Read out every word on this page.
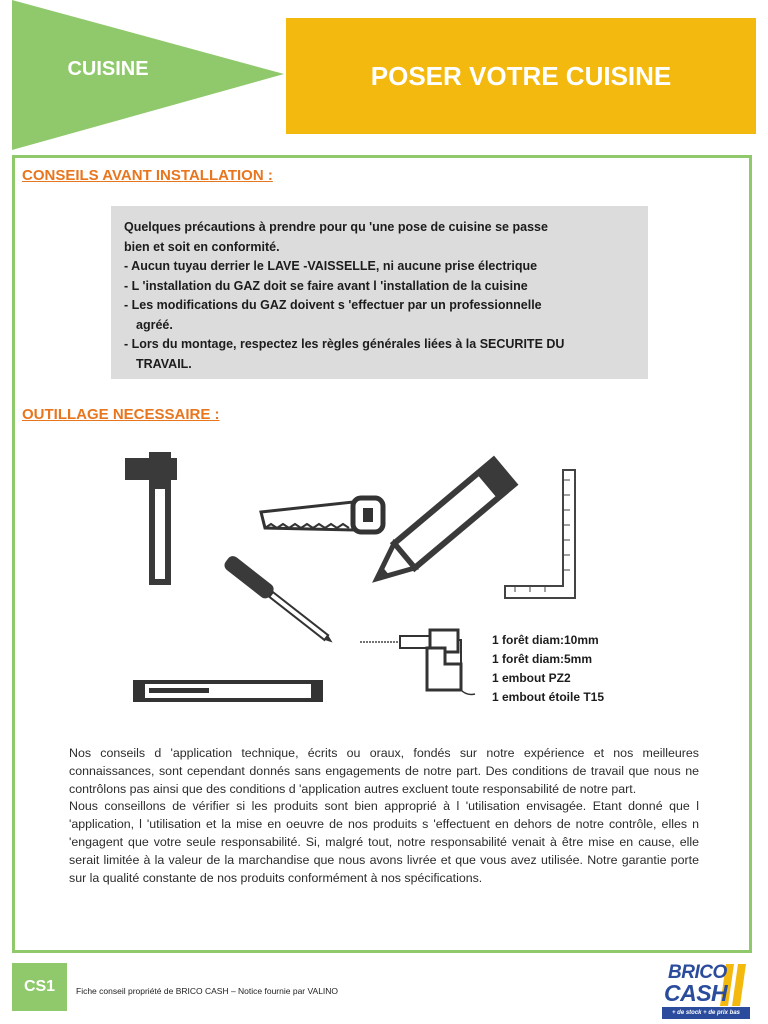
CUISINE	POSER VOTRE CUISINE
CONSEILS AVANT INSTALLATION :
Quelques précautions à prendre pour qu 'une pose de cuisine se passe
bien et soit en conformité.
- Aucun tuyau derrier le LAVE -VAISSELLE, ni aucune prise électrique
- L 'installation du GAZ doit se faire avant l 'installation de la cuisine
- Les modifications du GAZ doivent s 'effectuer par un professionnelle
agréé.
- Lors du montage, respectez les règles générales liées à la SECURITE DU
TRAVAIL.
OUTILLAGE NECESSAIRE :
1 forêt diam:10mm
1 forêt diam:5mm
1 embout PZ2
1 embout étoile T15

Nos conseils d 'application technique, écrits ou oraux, fondés sur notre expérience et nos meilleures connaissances, sont cependant donnés sans engagements de notre part. Des conditions de travail que nous ne contrôlons pas ainsi que des conditions d 'application autres excluent toute responsabilité de notre part.

Nous conseillons de vérifier si les produits sont bien approprié à l 'utilisation envisagée. Etant donné que l 'application, l 'utilisation et la mise en oeuvre de nos produits s 'effectuent en dehors de notre contrôle, elles n 'engagent que votre seule responsabilité. Si, malgré tout, notre responsabilité venait à être mise en cause, elle serait limitée à la valeur de la marchandise que nous avons livrée et que vous avez utilisée. Notre garantie porte sur la qualité constante de nos produits conformément à nos spécifications.

CS1	Fiche conseil propriété de BRICO CASH – Notice fournie par VALINO
BRICO
CASH
+ de stock + de prix bas
